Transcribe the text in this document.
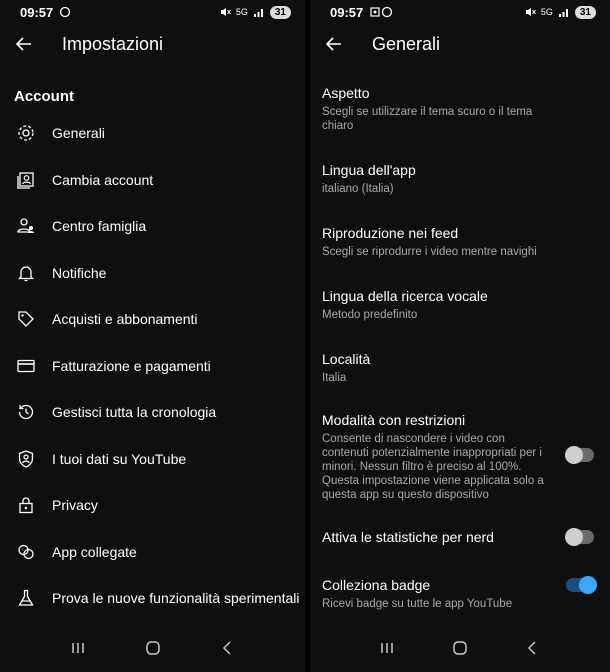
09:57	5G	31
Impostazioni
Account
Generali
Cambia account
Centro famiglia
Notifiche
Acquisti e abbonamenti
Fatturazione e pagamenti
Gestisci tutta la cronologia
I tuoi dati su YouTube
Privacy
App collegate
Prova le nuove funzionalità sperimentali
09:57	5G	31
Generali
Aspetto
Scegli se utilizzare il tema scuro o il tema chiaro
Lingua dell'app
italiano (Italia)
Riproduzione nei feed
Scegli se riprodurre i video mentre navighi
Lingua della ricerca vocale
Metodo predefinito
Località
Italia
Modalità con restrizioni
Consente di nascondere i video con contenuti potenzialmente inappropriati per i minori. Nessun filtro è preciso al 100%. Questa impostazione viene applicata solo a questa app su questo dispositivo
Attiva le statistiche per nerd
Colleziona badge
Ricevi badge su tutte le app YouTube
